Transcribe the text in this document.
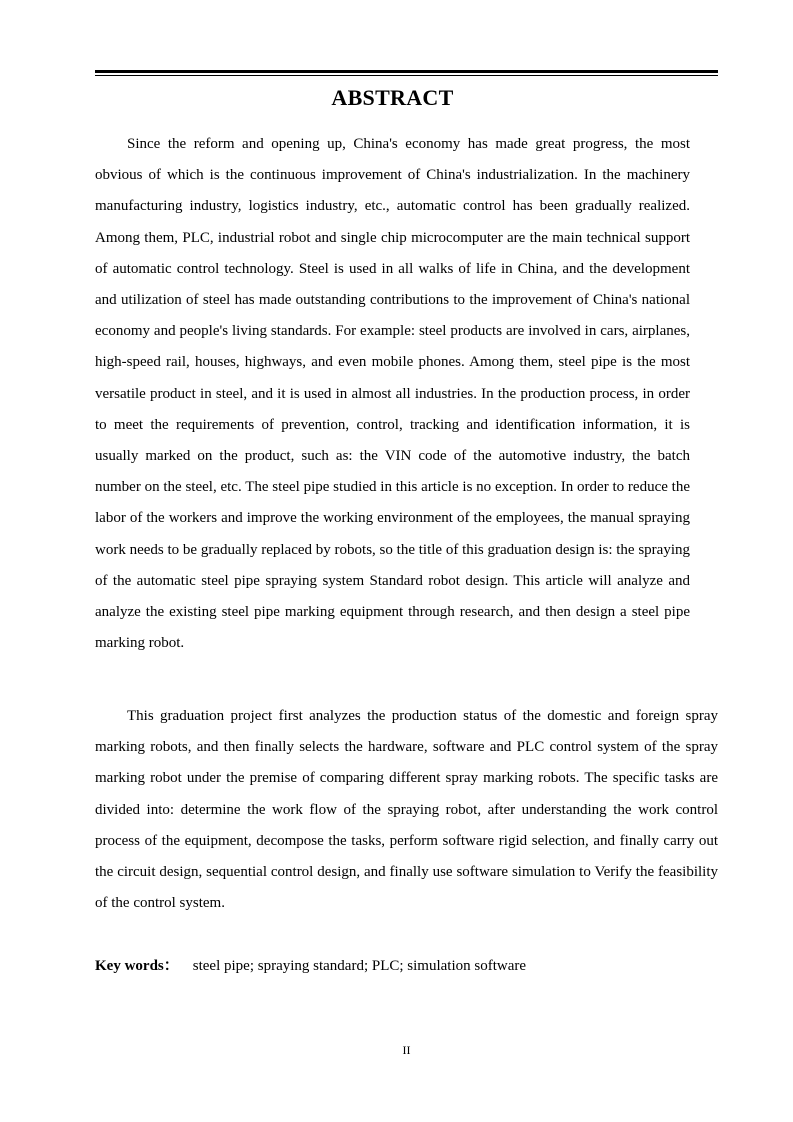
ABSTRACT

Since the reform and opening up, China's economy has made great progress, the most obvious of which is the continuous improvement of China's industrialization. In the machinery manufacturing industry, logistics industry, etc., automatic control has been gradually realized. Among them, PLC, industrial robot and single chip microcomputer are the main technical support of automatic control technology. Steel is used in all walks of life in China, and the development and utilization of steel has made outstanding contributions to the improvement of China's national economy and people's living standards. For example: steel products are involved in cars, airplanes, high-speed rail, houses, highways, and even mobile phones. Among them, steel pipe is the most versatile product in steel, and it is used in almost all industries. In the production process, in order to meet the requirements of prevention, control, tracking and identification information, it is usually marked on the product, such as: the VIN code of the automotive industry, the batch number on the steel, etc. The steel pipe studied in this article is no exception. In order to reduce the labor of the workers and improve the working environment of the employees, the manual spraying work needs to be gradually replaced by robots, so the title of this graduation design is: the spraying of the automatic steel pipe spraying system Standard robot design. This article will analyze and analyze the existing steel pipe marking equipment through research, and then design a steel pipe marking robot.

This graduation project first analyzes the production status of the domestic and foreign spray marking robots, and then finally selects the hardware, software and PLC control system of the spray marking robot under the premise of comparing different spray marking robots. The specific tasks are divided into: determine the work flow of the spraying robot, after understanding the work control process of the equipment, decompose the tasks, perform software rigid selection, and finally carry out the circuit design, sequential control design, and finally use software simulation to Verify the feasibility of the control system.

Key words： steel pipe; spraying standard; PLC; simulation software
II
